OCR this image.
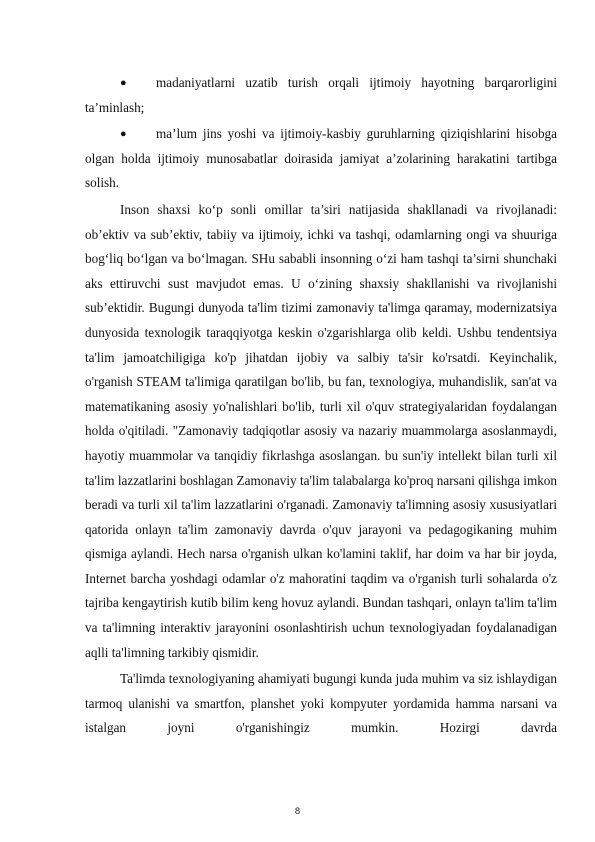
● madaniyatlarni uzatib turish orqali ijtimoiy hayotning barqarorligini ta’minlash;
● ma’lum jins yoshi va ijtimoiy-kasbiy guruhlarning qiziqishlarini hisobga olgan holda ijtimoiy munosabatlar doirasida jamiyat a’zolarining harakatini tartibga solish.

Inson shaxsi ko‘p sonli omillar ta’siri natijasida shakllanadi va rivojlanadi: ob’ektiv va sub’ektiv, tabiiy va ijtimoiy, ichki va tashqi, odamlarning ongi va shuuriga bog‘liq bo‘lgan va bo‘lmagan. SHu sababli insonning o‘zi ham tashqi ta’sirni shunchaki aks ettiruvchi sust mavjudot emas. U o‘zining shaxsiy shakllanishi va rivojlanishi sub’ektidir. Bugungi dunyoda ta'lim tizimi zamonaviy ta'limga qaramay, modernizatsiya dunyosida texnologik taraqqiyotga keskin o'zgarishlarga olib keldi. Ushbu tendentsiya ta'lim jamoatchiligiga ko'p jihatdan ijobiy va salbiy ta'sir ko'rsatdi. Keyinchalik, o'rganish STEAM ta'limiga qaratilgan bo'lib, bu fan, texnologiya, muhandislik, san'at va matematikaning asosiy yo'nalishlari bo'lib, turli xil o'quv strategiyalaridan foydalangan holda o'qitiladi. "Zamonaviy tadqiqotlar asosiy va nazariy muammolarga asoslanmaydi, hayotiy muammolar va tanqidiy fikrlashga asoslangan. bu sun'iy intellekt bilan turli xil ta'lim lazzatlarini boshlagan Zamonaviy ta'lim talabalarga ko'proq narsani qilishga imkon beradi va turli xil ta'lim lazzatlarini o'rganadi. Zamonaviy ta'limning asosiy xususiyatlari qatorida onlayn ta'lim zamonaviy davrda o'quv jarayoni va pedagogikaning muhim qismiga aylandi. Hech narsa o'rganish ulkan ko'lamini taklif, har doim va har bir joyda, Internet barcha yoshdagi odamlar o'z mahoratini taqdim va o'rganish turli sohalarda o'z tajriba kengaytirish kutib bilim keng hovuz aylandi. Bundan tashqari, onlayn ta'lim ta'lim va ta'limning interaktiv jarayonini osonlashtirish uchun texnologiyadan foydalanadigan aqlli ta'limning tarkibiy qismidir.

Ta'limda texnologiyaning ahamiyati bugungi kunda juda muhim va siz ishlaydigan tarmoq ulanishi va smartfon, planshet yoki kompyuter yordamida hamma narsani va istalgan joyni o'rganishingiz mumkin. Hozirgi davrda

8
